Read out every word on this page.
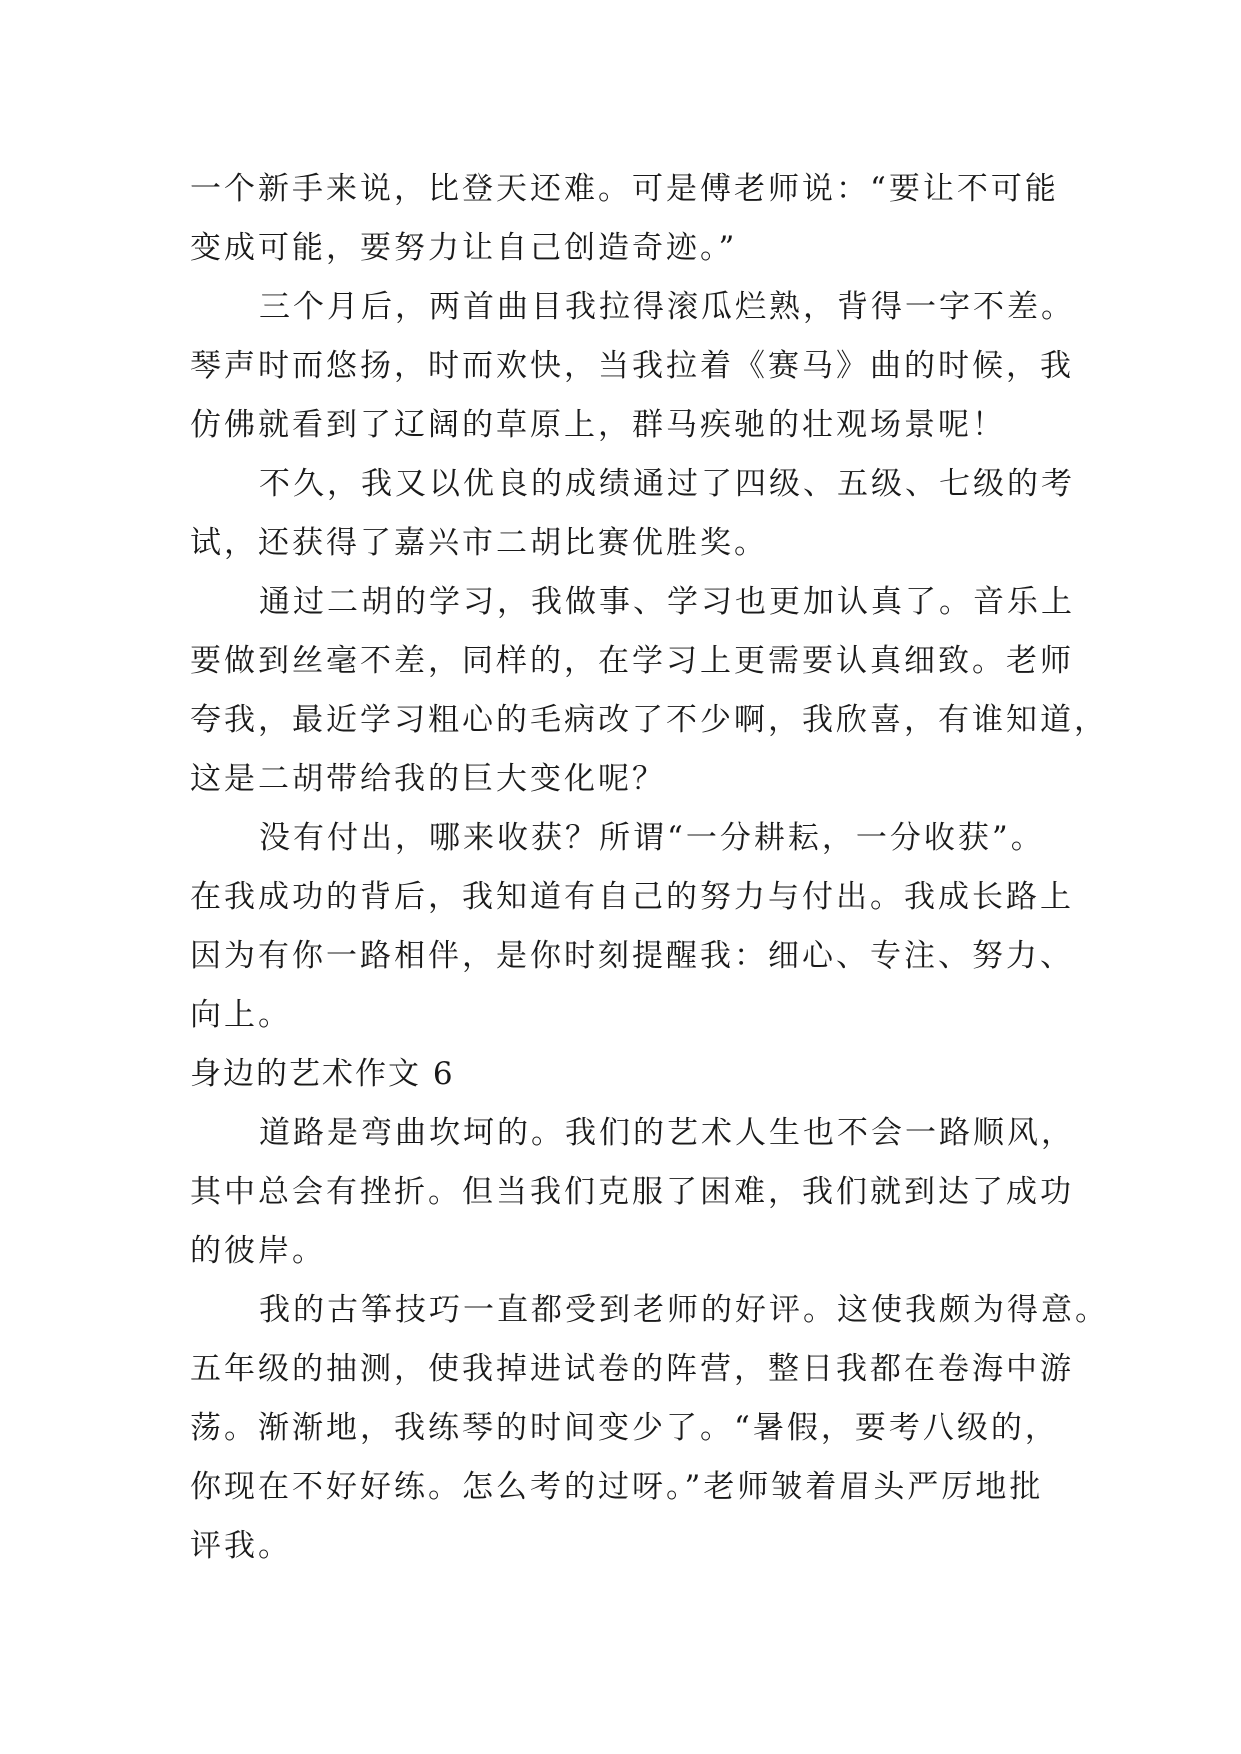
一个新手来说，比登天还难。可是傅老师说：“要让不可能
变成可能，要努力让自己创造奇迹。”
三个月后，两首曲目我拉得滚瓜烂熟，背得一字不差。
琴声时而悠扬，时而欢快，当我拉着《赛马》曲的时候，我
仿佛就看到了辽阔的草原上，群马疾驰的壮观场景呢！
不久，我又以优良的成绩通过了四级、五级、七级的考
试，还获得了嘉兴市二胡比赛优胜奖。
通过二胡的学习，我做事、学习也更加认真了。音乐上
要做到丝毫不差，同样的，在学习上更需要认真细致。老师
夸我，最近学习粗心的毛病改了不少啊，我欣喜，有谁知道，
这是二胡带给我的巨大变化呢？
没有付出，哪来收获？所谓“一分耕耘，一分收获”。
在我成功的背后，我知道有自己的努力与付出。我成长路上
因为有你一路相伴，是你时刻提醒我：细心、专注、努力、
向上。
身边的艺术作文 6
道路是弯曲坎坷的。我们的艺术人生也不会一路顺风，
其中总会有挫折。但当我们克服了困难，我们就到达了成功
的彼岸。
我的古筝技巧一直都受到老师的好评。这使我颇为得意。
五年级的抽测，使我掉进试卷的阵营，整日我都在卷海中游
荡。渐渐地，我练琴的时间变少了。“暑假，要考八级的，
你现在不好好练。怎么考的过呀。”老师皱着眉头严厉地批
评我。
